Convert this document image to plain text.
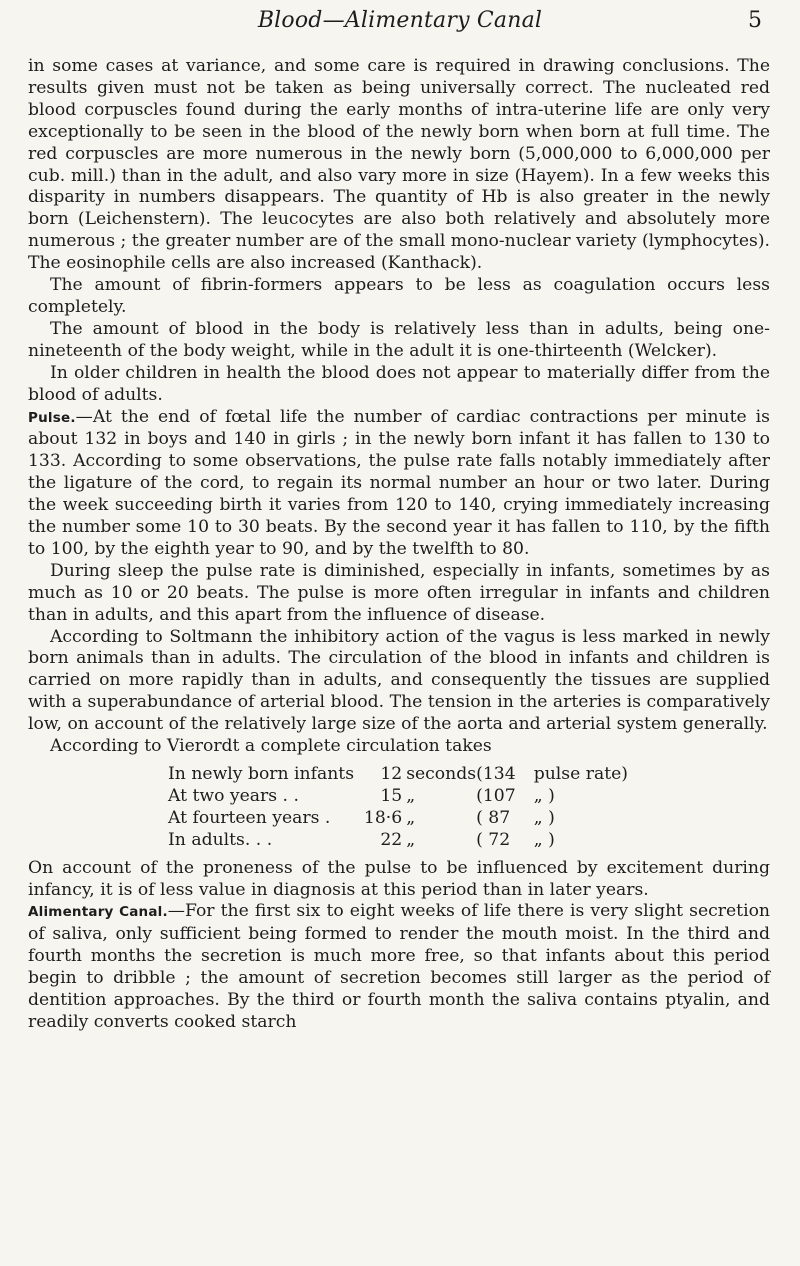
Blood—Alimentary Canal	5

in some cases at variance, and some care is required in drawing conclusions. The results given must not be taken as being universally correct. The nucleated red blood corpuscles found during the early months of intra-uterine life are only very exceptionally to be seen in the blood of the newly born when born at full time. The red corpuscles are more numerous in the newly born (5,000,000 to 6,000,000 per cub. mill.) than in the adult, and also vary more in size (Hayem). In a few weeks this disparity in numbers disappears. The quantity of Hb is also greater in the newly born (Leichenstern). The leucocytes are also both relatively and absolutely more numerous ; the greater number are of the small mono-nuclear variety (lymphocytes). The eosinophile cells are also increased (Kanthack).

The amount of fibrin-formers appears to be less as coagulation occurs less completely.

The amount of blood in the body is relatively less than in adults, being one-nineteenth of the body weight, while in the adult it is one-thirteenth (Welcker).

In older children in health the blood does not appear to materially differ from the blood of adults.

Pulse.—At the end of fœtal life the number of cardiac contractions per minute is about 132 in boys and 140 in girls ; in the newly born infant it has fallen to 130 to 133. According to some observations, the pulse rate falls notably immediately after the ligature of the cord, to regain its normal number an hour or two later. During the week succeeding birth it varies from 120 to 140, crying immediately increasing the number some 10 to 30 beats. By the second year it has fallen to 110, by the fifth to 100, by the eighth year to 90, and by the twelfth to 80.

During sleep the pulse rate is diminished, especially in infants, sometimes by as much as 10 or 20 beats. The pulse is more often irregular in infants and children than in adults, and this apart from the influence of disease.

According to Soltmann the inhibitory action of the vagus is less marked in newly born animals than in adults. The circulation of the blood in infants and children is carried on more rapidly than in adults, and consequently the tissues are supplied with a superabundance of arterial blood. The tension in the arteries is comparatively low, on account of the relatively large size of the aorta and arterial system generally.

According to Vierordt a complete circulation takes

In newly born infants	12	seconds	(134	pulse rate)
At two years . .	15	„	(107	„ )
At fourteen years .	18·6	„	( 87	„ )
In adults. . .	22	„	( 72	„ )

On account of the proneness of the pulse to be influenced by excitement during infancy, it is of less value in diagnosis at this period than in later years.

Alimentary Canal.—For the first six to eight weeks of life there is very slight secretion of saliva, only sufficient being formed to render the mouth moist. In the third and fourth months the secretion is much more free, so that infants about this period begin to dribble ; the amount of secretion becomes still larger as the period of dentition approaches. By the third or fourth month the saliva contains ptyalin, and readily converts cooked starch
